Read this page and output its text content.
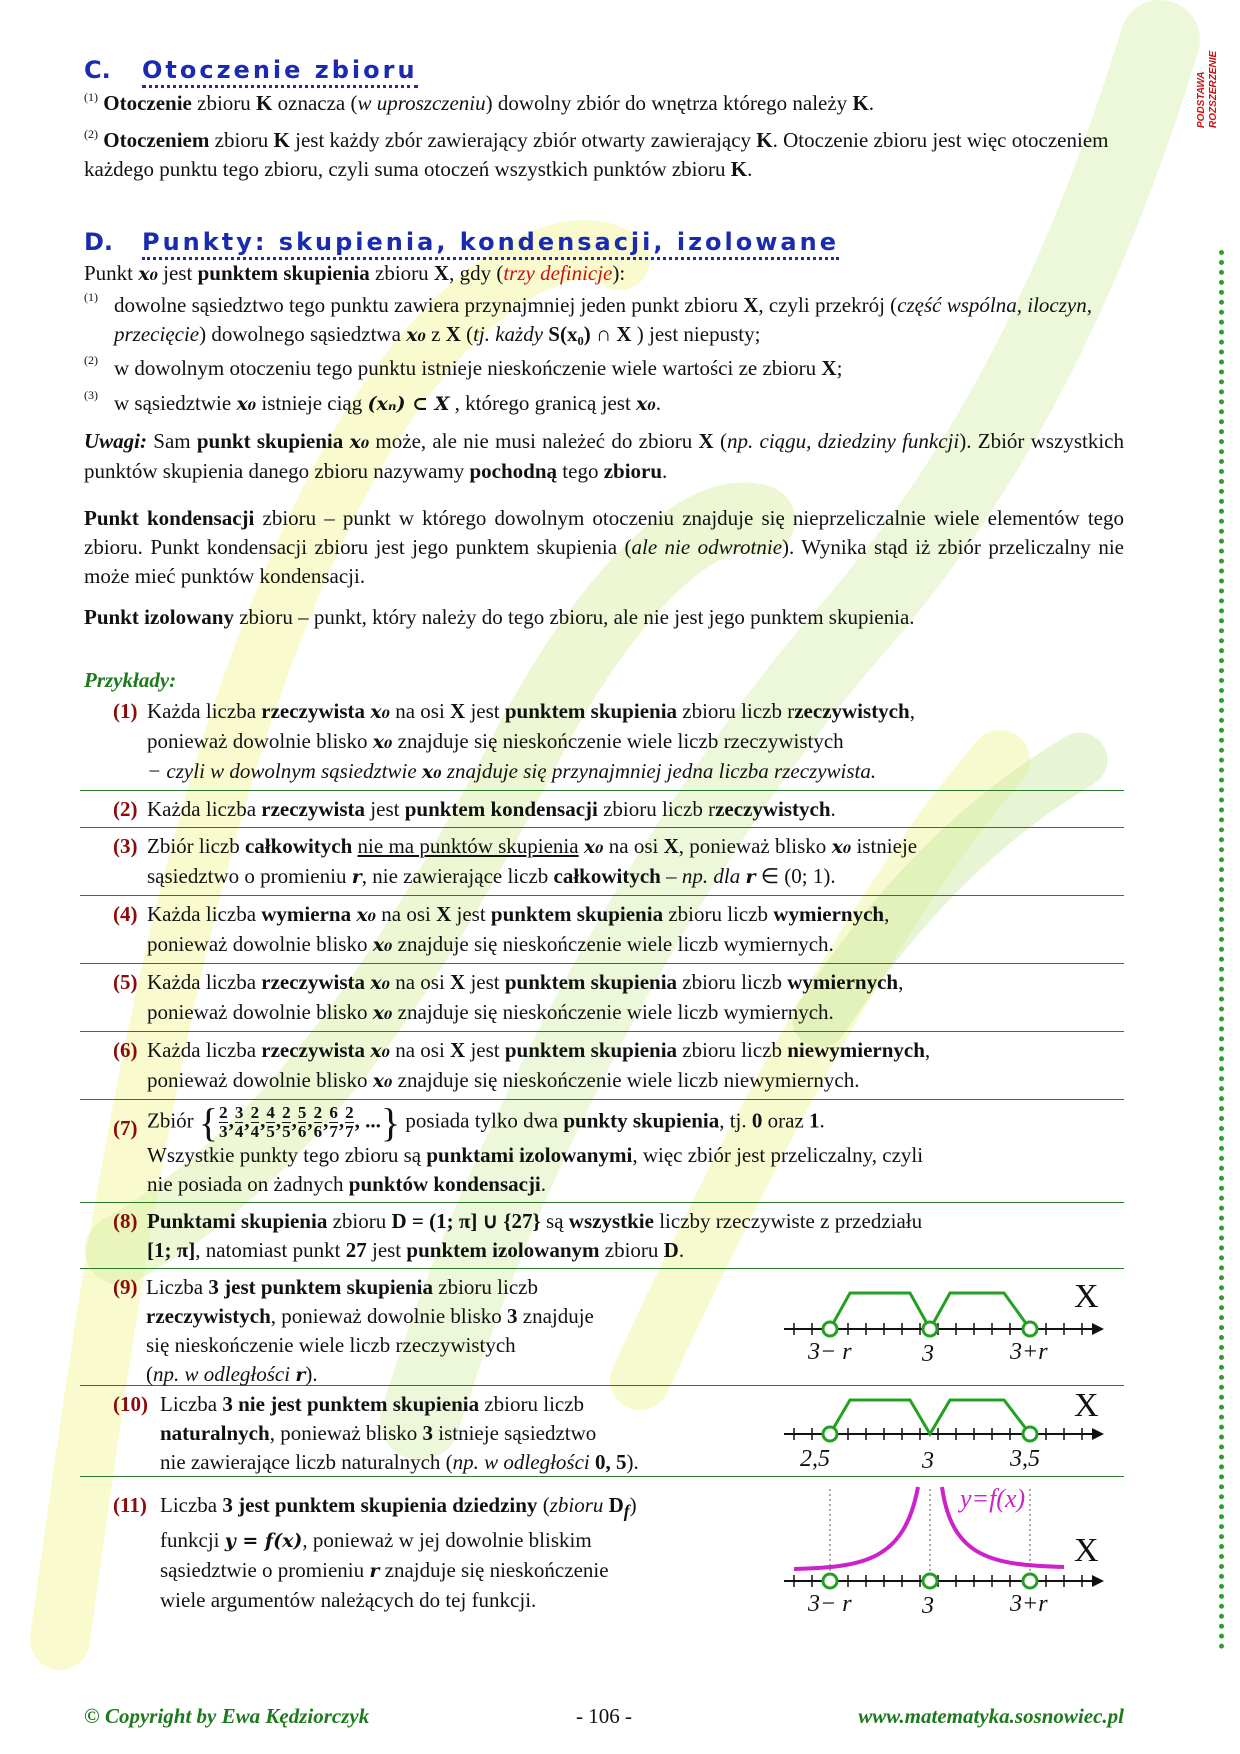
PODSTAWA ROZSZERZENIE
C. Otoczenie zbioru

$^{(1)}$ Otoczenie zbioru K oznacza (w uproszczeniu) dowolny zbiór do wnętrza którego należy K.

$^{(2)}$ Otoczeniem zbioru K jest każdy zbór zawierający zbiór otwarty zawierający K. Otoczenie zbioru jest więc otoczeniem każdego punktu tego zbioru, czyli suma otoczeń wszystkich punktów zbioru K.

D. Punkty: skupienia, kondensacji, izolowane

Punkt x₀ jest punktem skupienia zbioru X, gdy (trzy definicje):

(1) dowolne sąsiedztwo tego punktu zawiera przynajmniej jeden punkt zbioru X, czyli przekrój (część wspólna, iloczyn, przecięcie) dowolnego sąsiedztwa x₀ z X (tj. każdy S(x₀) ∩ X ) jest niepusty;
(2) w dowolnym otoczeniu tego punktu istnieje nieskończenie wiele wartości ze zbioru X;
(3) w sąsiedztwie x₀ istnieje ciąg (xₙ) ⊂ X , którego granicą jest x₀.

Uwagi: Sam punkt skupienia x₀ może, ale nie musi należeć do zbioru X (np. ciągu, dziedziny funkcji). Zbiór wszystkich punktów skupienia danego zbioru nazywamy pochodną tego zbioru.

Punkt kondensacji zbioru – punkt w którego dowolnym otoczeniu znajduje się nieprzeliczalnie wiele elementów tego zbioru. Punkt kondensacji zbioru jest jego punktem skupienia (ale nie odwrotnie). Wynika stąd iż zbiór przeliczalny nie może mieć punktów kondensacji.

Punkt izolowany zbioru – punkt, który należy do tego zbioru, ale nie jest jego punktem skupienia.

Przykłady:

(1) Każda liczba rzeczywista x₀ na osi X jest punktem skupienia zbioru liczb rzeczywistych,
ponieważ dowolnie blisko x₀ znajduje się nieskończenie wiele liczb rzeczywistych
− czyli w dowolnym sąsiedztwie x₀ znajduje się przynajmniej jedna liczba rzeczywista.
(2) Każda liczba rzeczywista jest punktem kondensacji zbioru liczb rzeczywistych.
(3) Zbiór liczb całkowitych nie ma punktów skupienia x₀ na osi X, ponieważ blisko x₀ istnieje
sąsiedztwo o promieniu r, nie zawierające liczb całkowitych – np. dla r ∈ (0; 1).
(4) Każda liczba wymierna x₀ na osi X jest punktem skupienia zbioru liczb wymiernych,
ponieważ dowolnie blisko x₀ znajduje się nieskończenie wiele liczb wymiernych.
(5) Każda liczba rzeczywista x₀ na osi X jest punktem skupienia zbioru liczb wymiernych,
ponieważ dowolnie blisko x₀ znajduje się nieskończenie wiele liczb wymiernych.
(6) Każda liczba rzeczywista x₀ na osi X jest punktem skupienia zbioru liczb niewymiernych,
ponieważ dowolnie blisko x₀ znajduje się nieskończenie wiele liczb niewymiernych.
(7) Zbiór { $\frac{2}{3}$ , $\frac{3}{4}$ , $\frac{2}{4}$ , $\frac{4}{5}$ , $\frac{2}{5}$ , $\frac{5}{6}$ , $\frac{2}{6}$ , $\frac{6}{7}$ , $\frac{2}{7}$ , ...} posiada tylko dwa punkty skupienia, tj. 0 oraz 1.
Wszystkie punkty tego zbioru są punktami izolowanymi, więc zbiór jest przeliczalny, czyli
nie posiada on żadnych punktów kondensacji.
(8) Punktami skupienia zbioru D = (1; π] ∪ {27} są wszystkie liczby rzeczywiste z przedziału
[1; π], natomiast punkt 27 jest punktem izolowanym zbioru D.
(9) Liczba 3 jest punktem skupienia zbioru liczb
rzeczywistych, ponieważ dowolnie blisko 3 znajduje
się nieskończenie wiele liczb rzeczywistych
(np. w odległości r).
X
3− r	3	3+r
(10) Liczba 3 nie jest punktem skupienia zbioru liczb
naturalnych, ponieważ blisko 3 istnieje sąsiedztwo
nie zawierające liczb naturalnych (np. w odległości 0, 5).
X
2,5	3	3,5
(11) Liczba 3 jest punktem skupienia dziedziny (zbioru $D_f$)
funkcji y = f(x), ponieważ w jej dowolnie bliskim
sąsiedztwie o promieniu r znajduje się nieskończenie
wiele argumentów należących do tej funkcji.
y=f(x)
X
3− r	3	3+r
© Copyright by Ewa Kędziorczyk	- 106 -	www.matematyka.sosnowiec.pl
